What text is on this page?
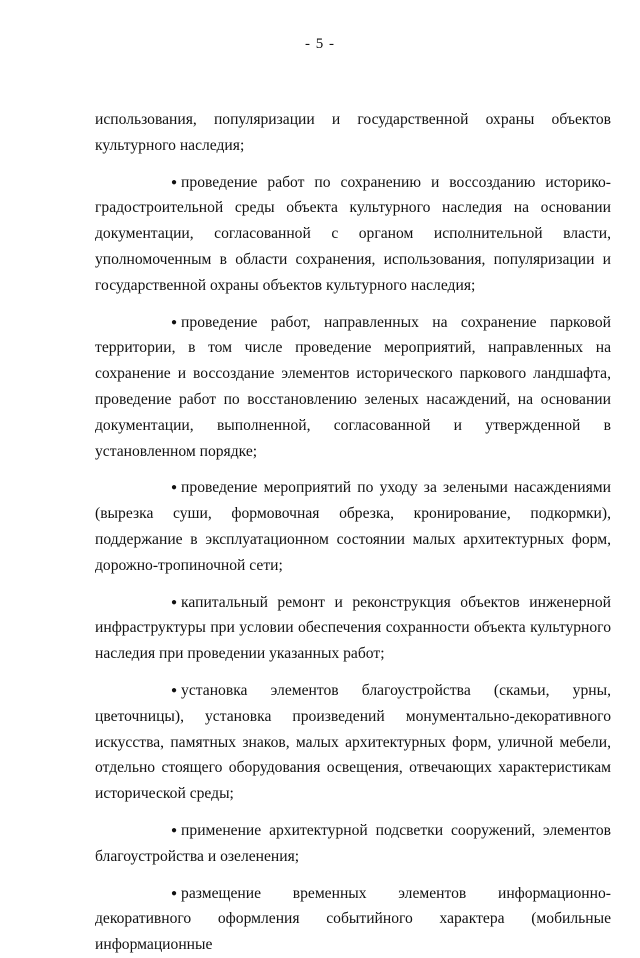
- 5 -

использования, популяризации и государственной охраны объектов культурного наследия;

● проведение работ по сохранению и воссозданию историко-градостроительной среды объекта культурного наследия на основании документации, согласованной с органом исполнительной власти, уполномоченным в области сохранения, использования, популяризации и государственной охраны объектов культурного наследия;

● проведение работ, направленных на сохранение парковой территории, в том числе проведение мероприятий, направленных на сохранение и воссоздание элементов исторического паркового ландшафта, проведение работ по восстановлению зеленых насаждений, на основании документации, выполненной, согласованной и утвержденной в установленном порядке;

● проведение мероприятий по уходу за зелеными насаждениями (вырезка суши, формовочная обрезка, кронирование, подкормки), поддержание в эксплуатационном состоянии малых архитектурных форм, дорожно-тропиночной сети;

● капитальный ремонт и реконструкция объектов инженерной инфраструктуры при условии обеспечения сохранности объекта культурного наследия при проведении указанных работ;

● установка элементов благоустройства (скамьи, урны, цветочницы), установка произведений монументально-декоративного искусства, памятных знаков, малых архитектурных форм, уличной мебели, отдельно стоящего оборудования освещения, отвечающих характеристикам исторической среды;

● применение архитектурной подсветки сооружений, элементов благоустройства и озеленения;

● размещение временных элементов информационно-декоративного оформления событийного характера (мобильные информационные
